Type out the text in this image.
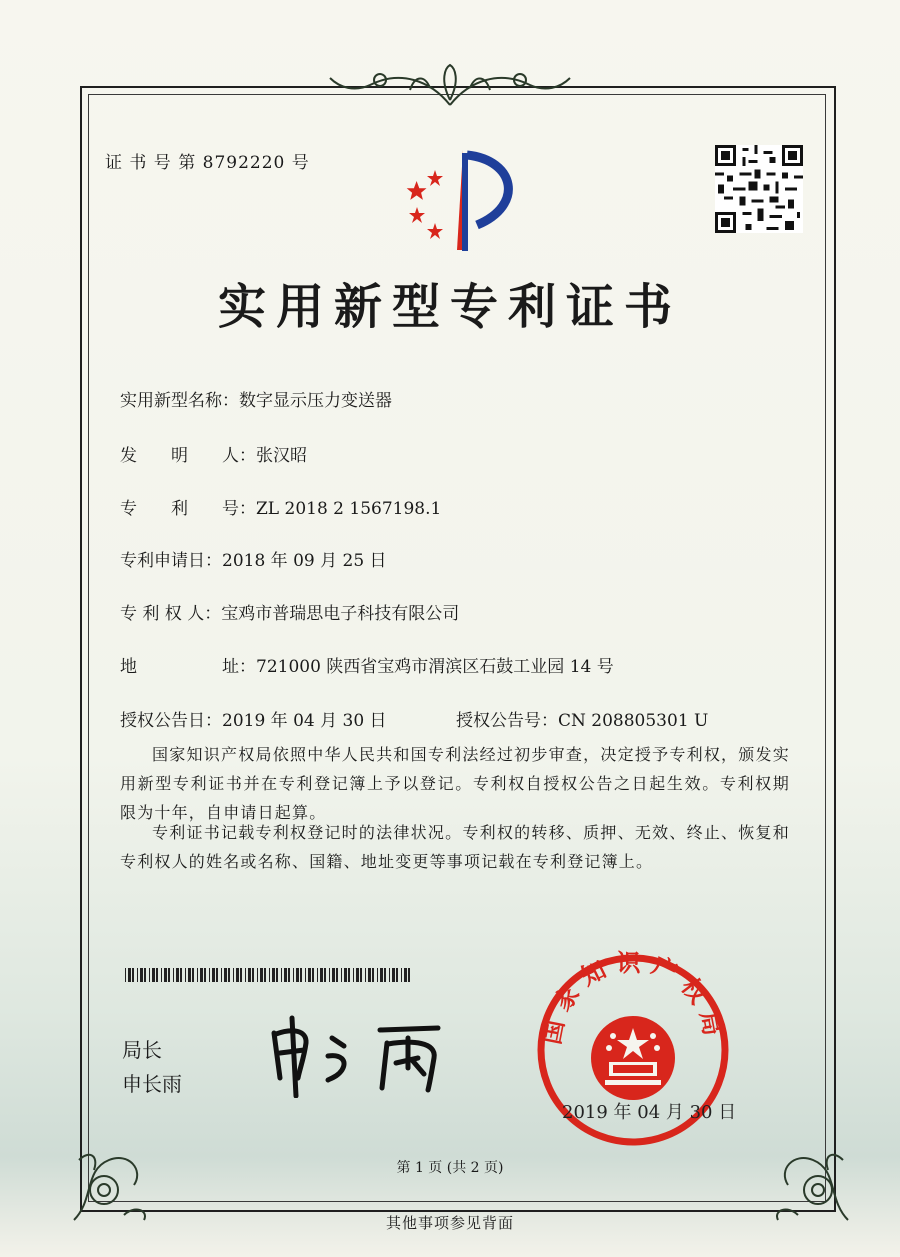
证 书 号 第 8792220 号
实用新型专利证书
实用新型名称：数字显示压力变送器
发　　明　　人：张汉昭
专　　利　　号：ZL 2018 2 1567198.1
专利申请日：2018 年 09 月 25 日
专 利 权 人：宝鸡市普瑞思电子科技有限公司
地　　　　　址：721000 陕西省宝鸡市渭滨区石鼓工业园 14 号
授权公告日：2019 年 04 月 30 日	授权公告号：CN 208805301 U
国家知识产权局依照中华人民共和国专利法经过初步审查，决定授予专利权，颁发实用新型专利证书并在专利登记簿上予以登记。专利权自授权公告之日起生效。专利权期限为十年，自申请日起算。
专利证书记载专利权登记时的法律状况。专利权的转移、质押、无效、终止、恢复和专利权人的姓名或名称、国籍、地址变更等事项记载在专利登记簿上。
局长
申长雨
国家知识产权局
2019 年 04 月 30 日
第 1 页 (共 2 页)
其他事项参见背面
